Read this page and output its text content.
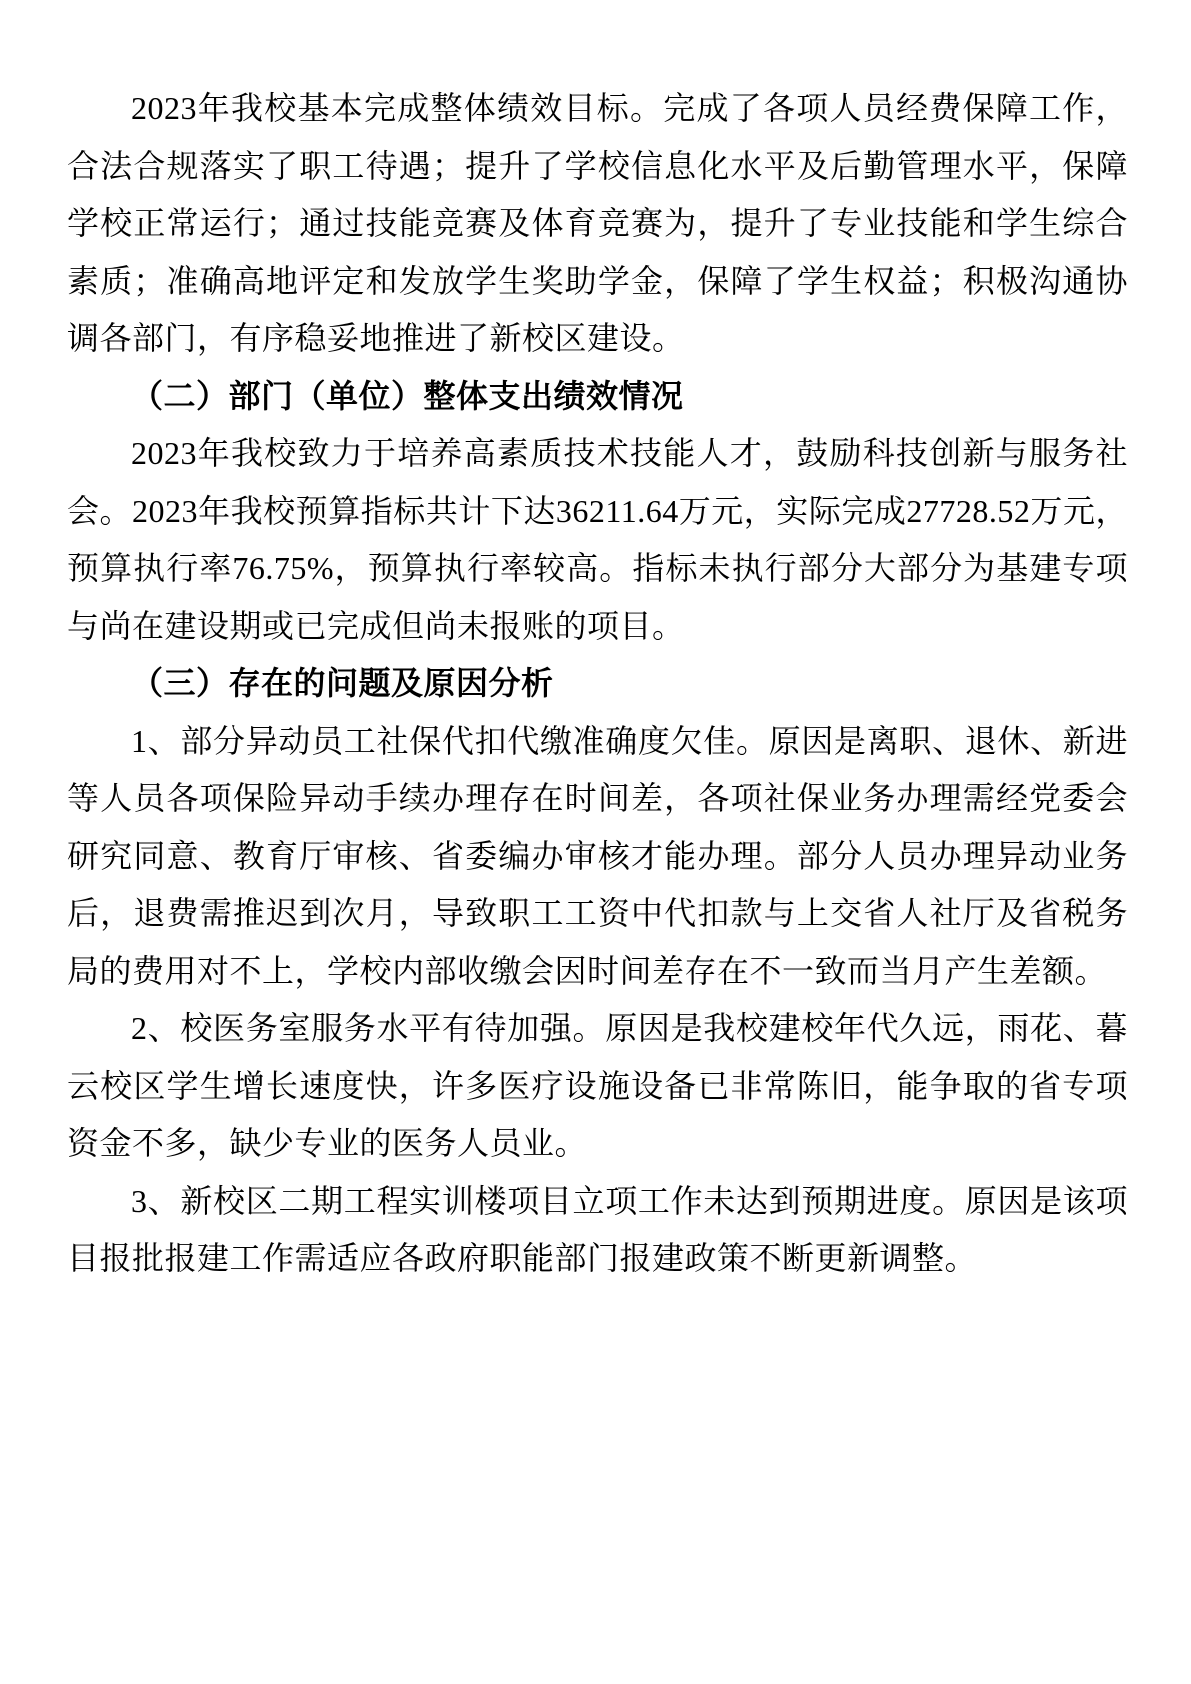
2023年我校基本完成整体绩效目标。完成了各项人员经费保障工作，合法合规落实了职工待遇；提升了学校信息化水平及后勤管理水平，保障学校正常运行；通过技能竞赛及体育竞赛为，提升了专业技能和学生综合素质；准确高地评定和发放学生奖助学金，保障了学生权益；积极沟通协调各部门，有序稳妥地推进了新校区建设。

（二）部门（单位）整体支出绩效情况

2023年我校致力于培养高素质技术技能人才，鼓励科技创新与服务社会。2023年我校预算指标共计下达36211.64万元，实际完成27728.52万元，预算执行率76.75%，预算执行率较高。指标未执行部分大部分为基建专项与尚在建设期或已完成但尚未报账的项目。

（三）存在的问题及原因分析

1、部分异动员工社保代扣代缴准确度欠佳。原因是离职、退休、新进等人员各项保险异动手续办理存在时间差，各项社保业务办理需经党委会研究同意、教育厅审核、省委编办审核才能办理。部分人员办理异动业务后，退费需推迟到次月，导致职工工资中代扣款与上交省人社厅及省税务局的费用对不上，学校内部收缴会因时间差存在不一致而当月产生差额。

2、校医务室服务水平有待加强。原因是我校建校年代久远，雨花、暮云校区学生增长速度快，许多医疗设施设备已非常陈旧，能争取的省专项资金不多，缺少专业的医务人员业。

3、新校区二期工程实训楼项目立项工作未达到预期进度。原因是该项目报批报建工作需适应各政府职能部门报建政策不断更新调整。
